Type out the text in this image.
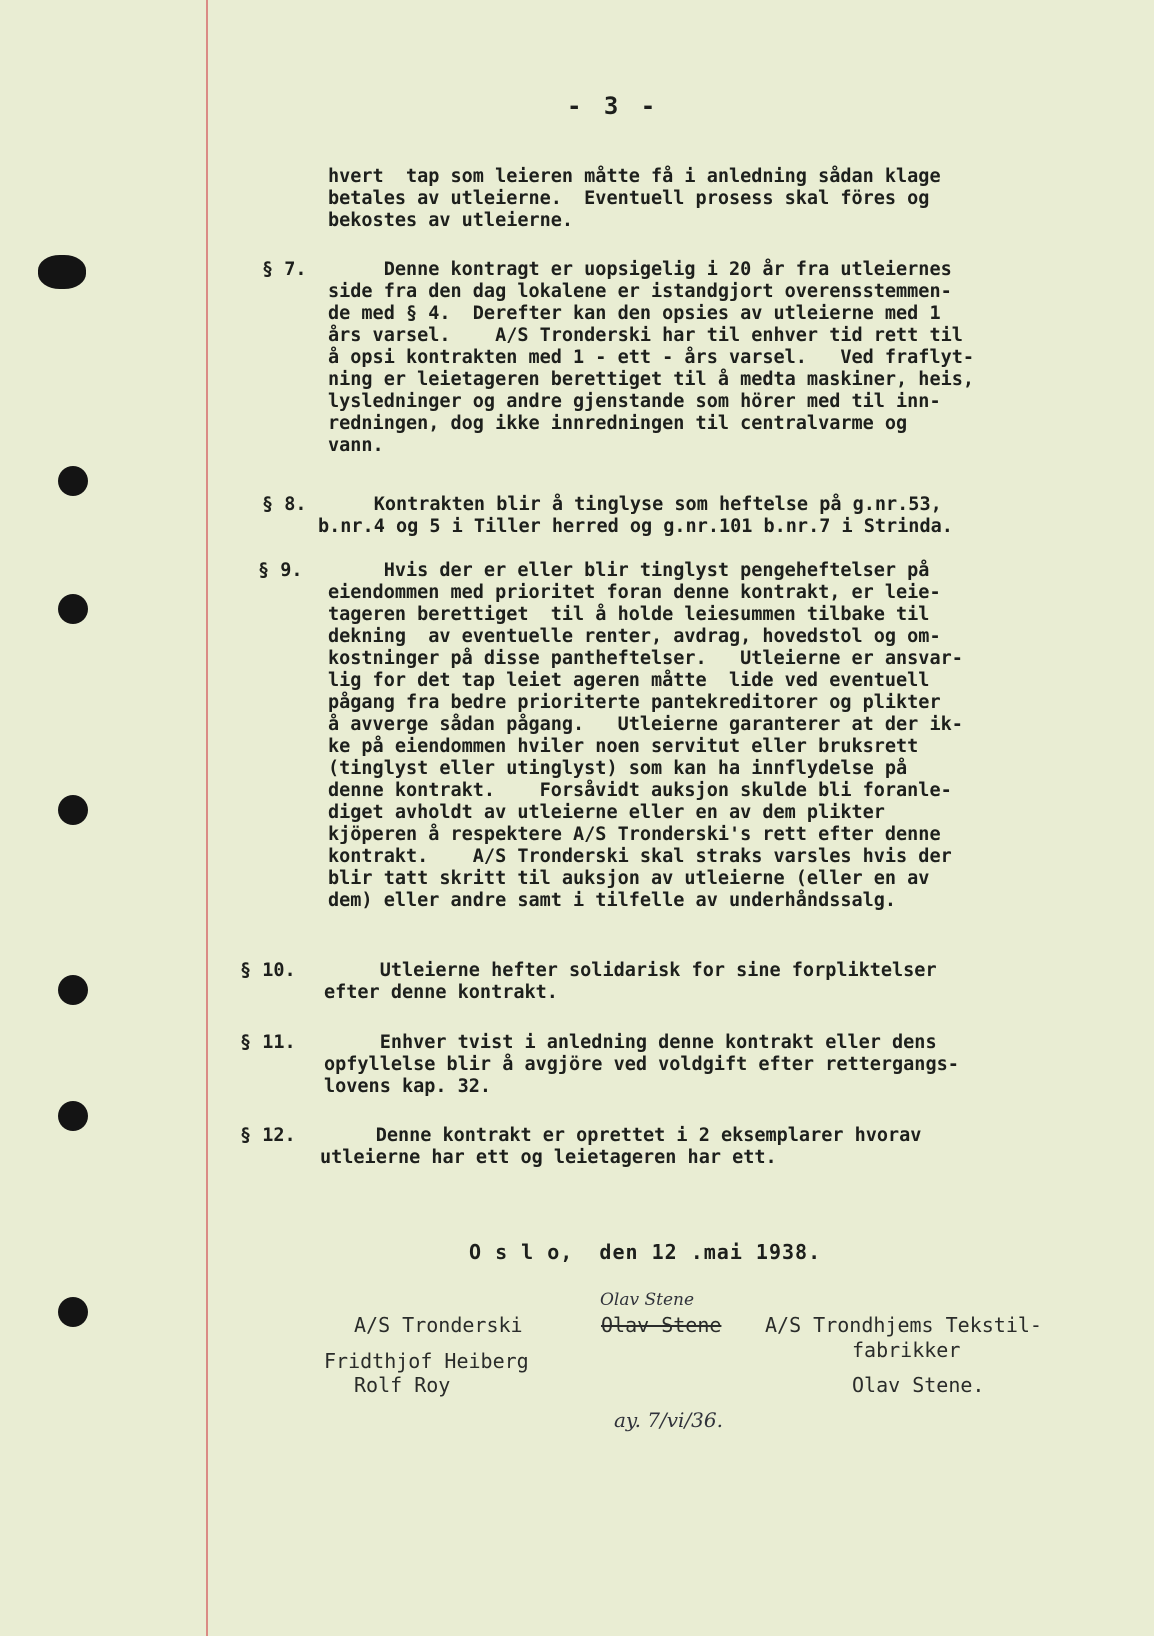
- 3 -
hvert  tap som leieren måtte få i anledning sådan klage
betales av utleierne.  Eventuell prosess skal föres og
bekostes av utleierne.
§ 7. Denne kontragt er uopsigelig i 20 år fra utleiernes
side fra den dag lokalene er istandgjort overensstemmen-
de med § 4.  Derefter kan den opsies av utleierne med 1
års varsel.    A/S Tronderski har til enhver tid rett til
å opsi kontrakten med 1 - ett - års varsel.   Ved fraflyt-
ning er leietageren berettiget til å medta maskiner, heis,
lysledninger og andre gjenstande som hörer med til inn-
redningen, dog ikke innredningen til centralvarme og
vann.
§ 8. Kontrakten blir å tinglyse som heftelse på g.nr.53,
b.nr.4 og 5 i Tiller herred og g.nr.101 b.nr.7 i Strinda.
§ 9. Hvis der er eller blir tinglyst pengeheftelser på
eiendommen med prioritet foran denne kontrakt, er leie-
tageren berettiget  til å holde leiesummen tilbake til
dekning  av eventuelle renter, avdrag, hovedstol og om-
kostninger på disse pantheftelser.   Utleierne er ansvar-
lig for det tap leiet ageren måtte  lide ved eventuell
pågang fra bedre prioriterte pantekreditorer og plikter
å avverge sådan pågang.   Utleierne garanterer at der ik-
ke på eiendommen hviler noen servitut eller bruksrett
(tinglyst eller utinglyst) som kan ha innflydelse på
denne kontrakt.    Forsåvidt auksjon skulde bli foranle-
diget avholdt av utleierne eller en av dem plikter
kjöperen å respektere A/S Tronderski's rett efter denne
kontrakt.    A/S Tronderski skal straks varsles hvis der
blir tatt skritt til auksjon av utleierne (eller en av
dem) eller andre samt i tilfelle av underhåndssalg.
§ 10. Utleierne hefter solidarisk for sine forpliktelser
efter denne kontrakt.
§ 11. Enhver tvist i anledning denne kontrakt eller dens
opfyllelse blir å avgjöre ved voldgift efter rettergangs-
lovens kap. 32.
§ 12. Denne kontrakt er oprettet i 2 eksemplarer hvorav
utleierne har ett og leietageren har ett.
O s l o,  den 12 .mai 1938.
A/S Tronderski
Fridthjof Heiberg
Rolf Roy
Olav Stene
Olav Stene A/S Trondhjems Tekstil-
fabrikker
Olav Stene.
ay. 7/vi/36.
